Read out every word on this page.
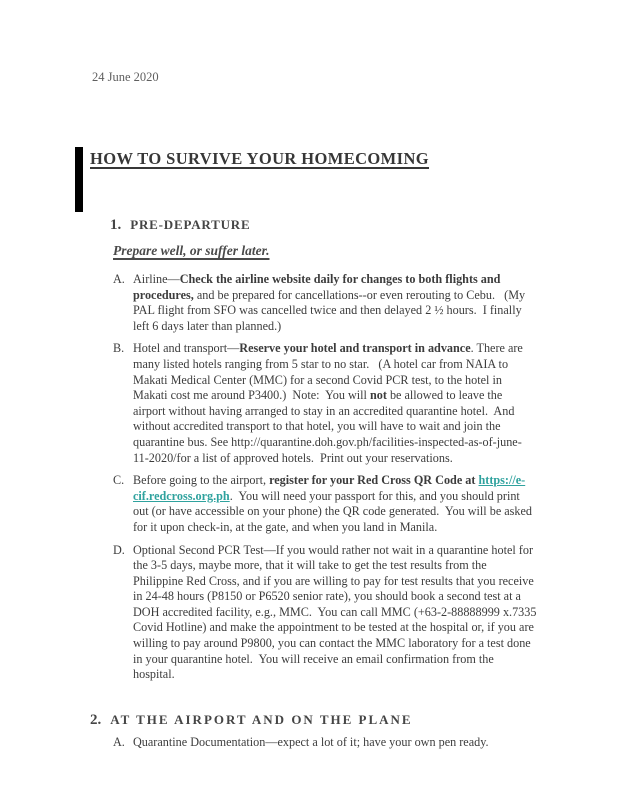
24 June 2020
HOW TO SURVIVE YOUR HOMECOMING
1. PRE-DEPARTURE
Prepare well, or suffer later.
A. Airline—Check the airline website daily for changes to both flights and procedures, and be prepared for cancellations--or even rerouting to Cebu.   (My PAL flight from SFO was cancelled twice and then delayed 2 ½ hours.  I finally left 6 days later than planned.)
B. Hotel and transport—Reserve your hotel and transport in advance. There are many listed hotels ranging from 5 star to no star.   (A hotel car from NAIA to Makati Medical Center (MMC) for a second Covid PCR test, to the hotel in Makati cost me around P3400.)  Note:  You will not be allowed to leave the airport without having arranged to stay in an accredited quarantine hotel.  And without accredited transport to that hotel, you will have to wait and join the quarantine bus. See http://quarantine.doh.gov.ph/facilities-inspected-as-of-june-11-2020/for a list of approved hotels.  Print out your reservations.
C. Before going to the airport, register for your Red Cross QR Code at https://e-cif.redcross.org.ph.  You will need your passport for this, and you should print out (or have accessible on your phone) the QR code generated.  You will be asked for it upon check-in, at the gate, and when you land in Manila.
D. Optional Second PCR Test—If you would rather not wait in a quarantine hotel for the 3-5 days, maybe more, that it will take to get the test results from the Philippine Red Cross, and if you are willing to pay for test results that you receive in 24-48 hours (P8150 or P6520 senior rate), you should book a second test at a DOH accredited facility, e.g., MMC.  You can call MMC (+63-2-88888999 x.7335 Covid Hotline) and make the appointment to be tested at the hospital or, if you are willing to pay around P9800, you can contact the MMC laboratory for a test done in your quarantine hotel.  You will receive an email confirmation from the hospital.
2. AT THE AIRPORT AND ON THE PLANE
A. Quarantine Documentation—expect a lot of it; have your own pen ready.
